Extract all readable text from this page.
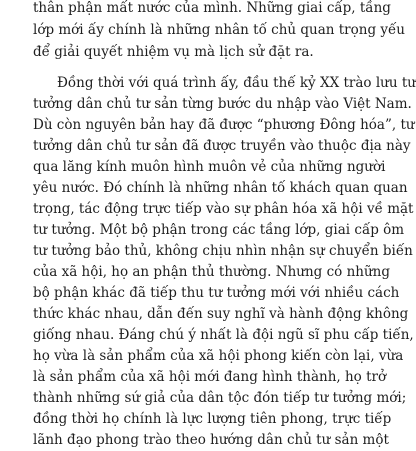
thân phận mất nước của mình. Những giai cấp, tầng
lớp mới ấy chính là những nhân tố chủ quan trọng yếu
để giải quyết nhiệm vụ mà lịch sử đặt ra.
Đồng thời với quá trình ấy, đầu thế kỷ XX trào lưu tư
tưởng dân chủ tư sản từng bước du nhập vào Việt Nam.
Dù còn nguyên bản hay đã được “phương Đông hóa”, tư
tưởng dân chủ tư sản đã được truyền vào thuộc địa này
qua lăng kính muôn hình muôn vẻ của những người
yêu nước. Đó chính là những nhân tố khách quan quan
trọng, tác động trực tiếp vào sự phân hóa xã hội về mặt
tư tưởng. Một bộ phận trong các tầng lớp, giai cấp ôm
tư tưởng bảo thủ, không chịu nhìn nhận sự chuyển biến
của xã hội, họ an phận thủ thường. Nhưng có những
bộ phận khác đã tiếp thu tư tưởng mới với nhiều cách
thức khác nhau, dẫn đến suy nghĩ và hành động không
giống nhau. Đáng chú ý nhất là đội ngũ sĩ phu cấp tiến,
họ vừa là sản phẩm của xã hội phong kiến còn lại, vừa
là sản phẩm của xã hội mới đang hình thành, họ trở
thành những sứ giả của dân tộc đón tiếp tư tưởng mới;
đồng thời họ chính là lực lượng tiên phong, trực tiếp
lãnh đạo phong trào theo hướng dân chủ tư sản một
